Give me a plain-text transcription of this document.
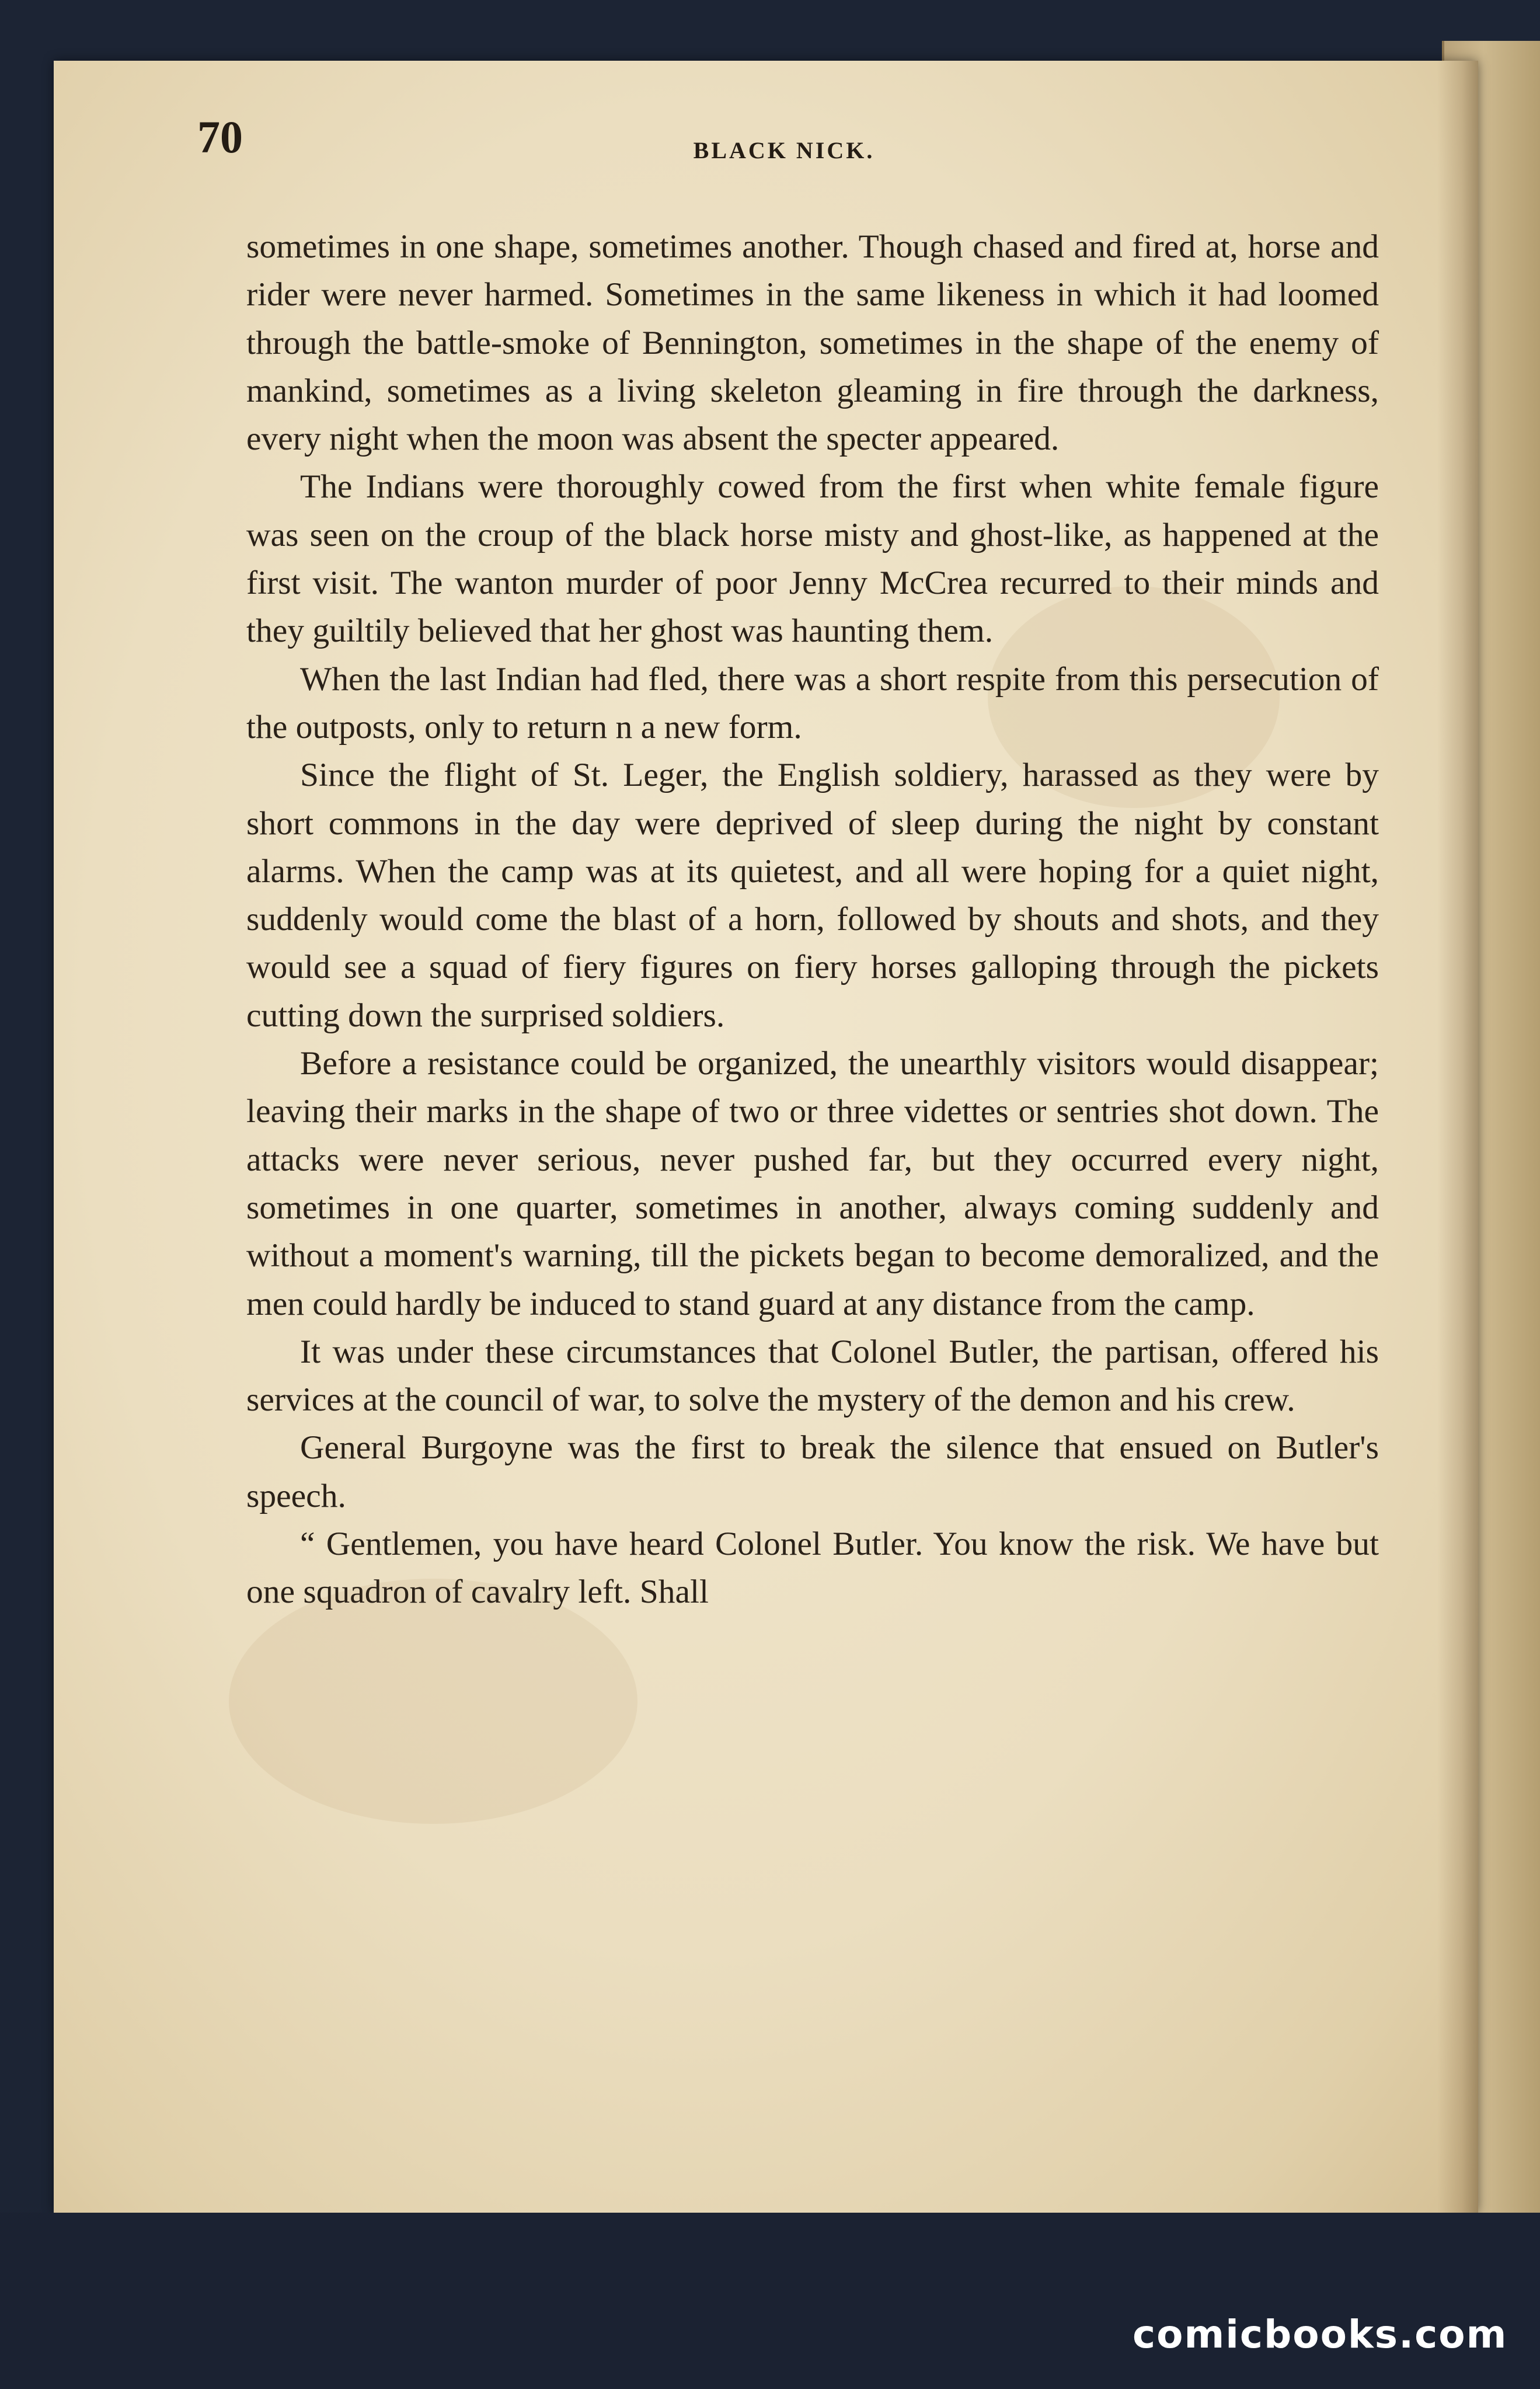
70	BLACK NICK.

sometimes in one shape, sometimes another. Though chased and fired at, horse and rider were never harmed. Sometimes in the same likeness in which it had loomed through the battle-smoke of Bennington, sometimes in the shape of the enemy of mankind, sometimes as a living skeleton gleaming in fire through the darkness, every night when the moon was absent the specter appeared.

The Indians were thoroughly cowed from the first when white female figure was seen on the croup of the black horse misty and ghost-like, as happened at the first visit. The wanton murder of poor Jenny McCrea recurred to their minds and they guiltily believed that her ghost was haunting them.

When the last Indian had fled, there was a short respite from this persecution of the outposts, only to return n a new form.

Since the flight of St. Leger, the English soldiery, harassed as they were by short commons in the day were deprived of sleep during the night by constant alarms. When the camp was at its quietest, and all were hoping for a quiet night, suddenly would come the blast of a horn, followed by shouts and shots, and they would see a squad of fiery figures on fiery horses galloping through the pickets cutting down the surprised soldiers.

Before a resistance could be organized, the unearthly visitors would disappear; leaving their marks in the shape of two or three videttes or sentries shot down. The attacks were never serious, never pushed far, but they occurred every night, sometimes in one quarter, sometimes in another, always coming suddenly and without a moment's warning, till the pickets began to become demoralized, and the men could hardly be induced to stand guard at any distance from the camp.

It was under these circumstances that Colonel Butler, the partisan, offered his services at the council of war, to solve the mystery of the demon and his crew.

General Burgoyne was the first to break the silence that ensued on Butler's speech.

“ Gentlemen, you have heard Colonel Butler. You know the risk. We have but one squadron of cavalry left. Shall

comicbooks.com
